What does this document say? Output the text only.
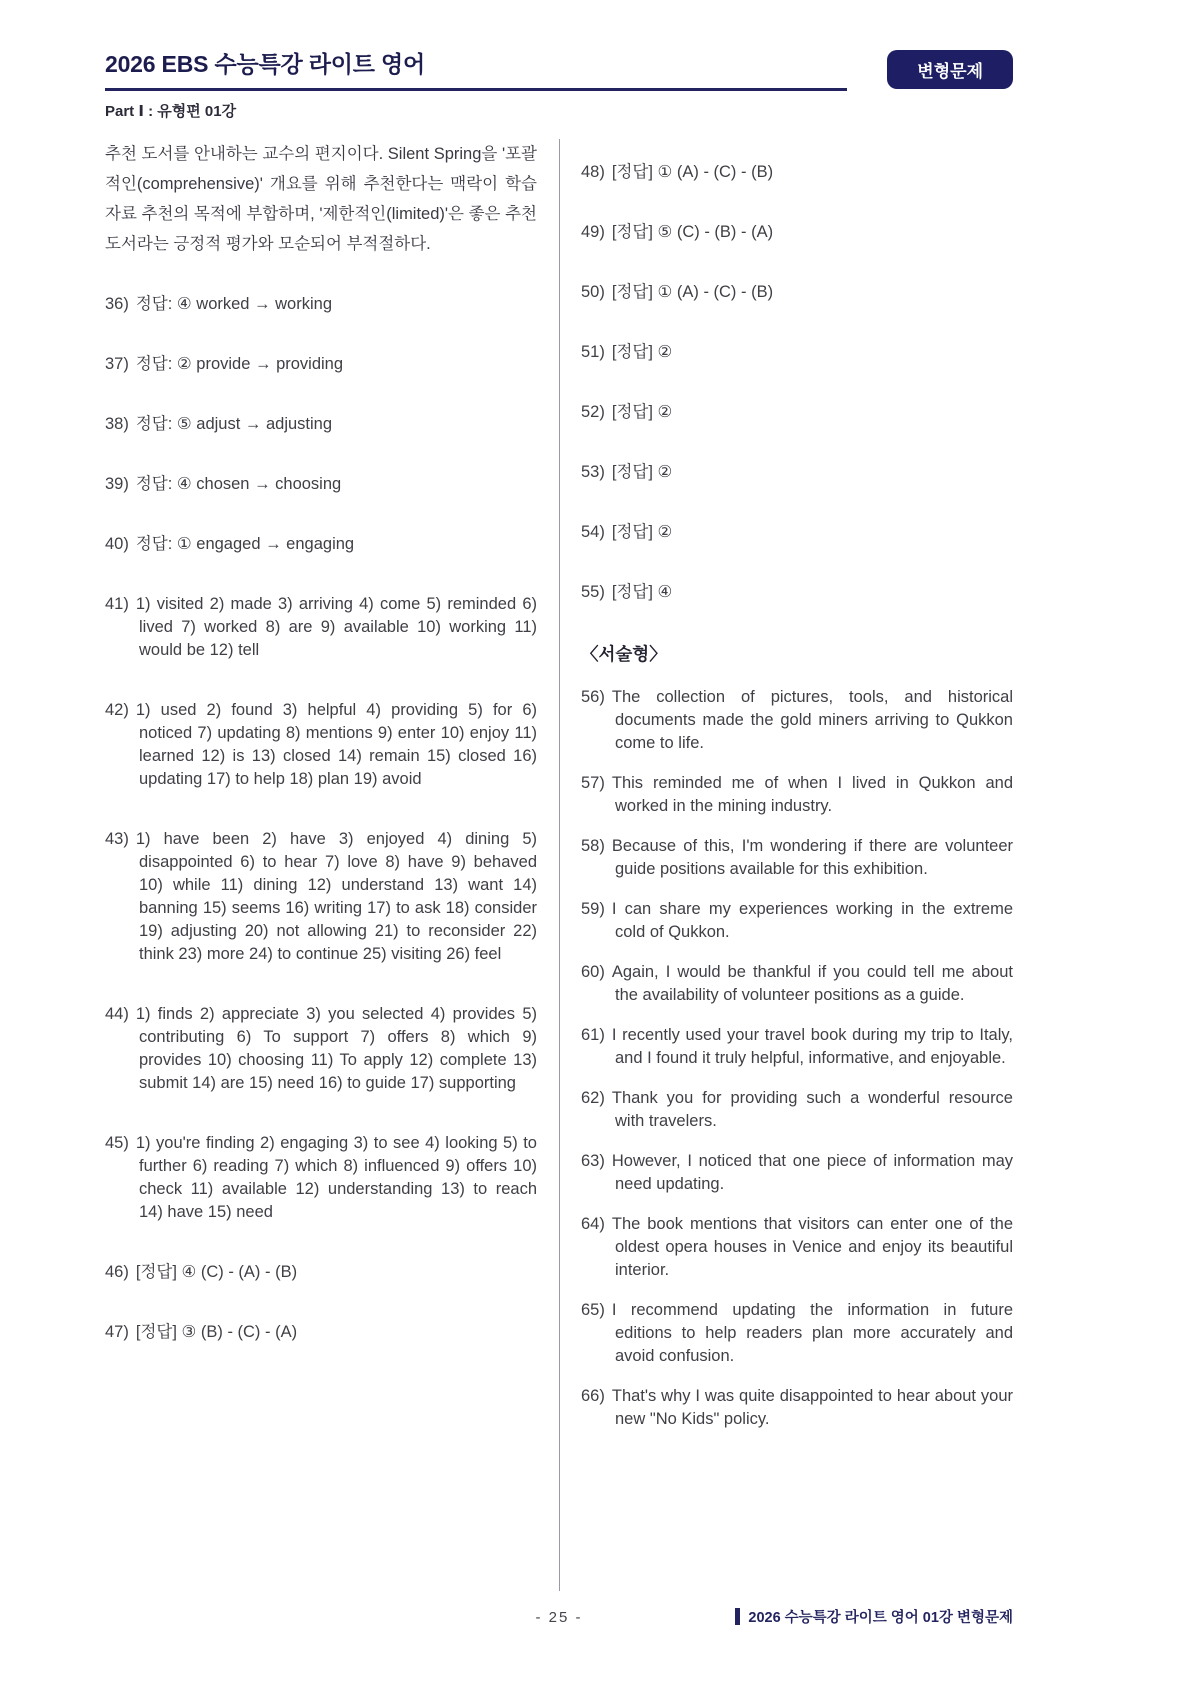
2026 EBS 수능특강 라이트 영어	변형문제
Part Ⅰ : 유형편 01강

추천 도서를 안내하는 교수의 편지이다. Silent Spring을 '포괄적인(comprehensive)' 개요를 위해 추천한다는 맥락이 학습 자료 추천의 목적에 부합하며, '제한적인(limited)'은 좋은 추천 도서라는 긍정적 평가와 모순되어 부적절하다.

36) 정답: ④ worked → working
37) 정답: ② provide → providing
38) 정답: ⑤ adjust → adjusting
39) 정답: ④ chosen → choosing
40) 정답: ① engaged → engaging
41) 1) visited 2) made 3) arriving 4) come 5) reminded 6) lived 7) worked 8) are 9) available 10) working 11) would be 12) tell
42) 1) used 2) found 3) helpful 4) providing 5) for 6) noticed 7) updating 8) mentions 9) enter 10) enjoy 11) learned 12) is 13) closed 14) remain 15) closed 16) updating 17) to help 18) plan 19) avoid
43) 1) have been 2) have 3) enjoyed 4) dining 5) disappointed 6) to hear 7) love 8) have 9) behaved 10) while 11) dining 12) understand 13) want 14) banning 15) seems 16) writing 17) to ask 18) consider 19) adjusting 20) not allowing 21) to reconsider 22) think 23) more 24) to continue 25) visiting 26) feel
44) 1) finds 2) appreciate 3) you selected 4) provides 5) contributing 6) To support 7) offers 8) which 9) provides 10) choosing 11) To apply 12) complete 13) submit 14) are 15) need 16) to guide 17) supporting
45) 1) you're finding 2) engaging 3) to see 4) looking 5) to further 6) reading 7) which 8) influenced 9) offers 10) check 11) available 12) understanding 13) to reach 14) have 15) need
46) [정답] ④ (C) - (A) - (B)
47) [정답] ③ (B) - (C) - (A)
48) [정답] ① (A) - (C) - (B)
49) [정답] ⑤ (C) - (B) - (A)
50) [정답] ① (A) - (C) - (B)
51) [정답] ②
52) [정답] ②
53) [정답] ②
54) [정답] ②
55) [정답] ④
〈서술형〉
56) The collection of pictures, tools, and historical documents made the gold miners arriving to Qukkon come to life.
57) This reminded me of when I lived in Qukkon and worked in the mining industry.
58) Because of this, I'm wondering if there are volunteer guide positions available for this exhibition.
59) I can share my experiences working in the extreme cold of Qukkon.
60) Again, I would be thankful if you could tell me about the availability of volunteer positions as a guide.
61) I recently used your travel book during my trip to Italy, and I found it truly helpful, informative, and enjoyable.
62) Thank you for providing such a wonderful resource with travelers.
63) However, I noticed that one piece of information may need updating.
64) The book mentions that visitors can enter one of the oldest opera houses in Venice and enjoy its beautiful interior.
65) I recommend updating the information in future editions to help readers plan more accurately and avoid confusion.
66) That's why I was quite disappointed to hear about your new "No Kids" policy.
- 25 -	2026 수능특강 라이트 영어 01강 변형문제
